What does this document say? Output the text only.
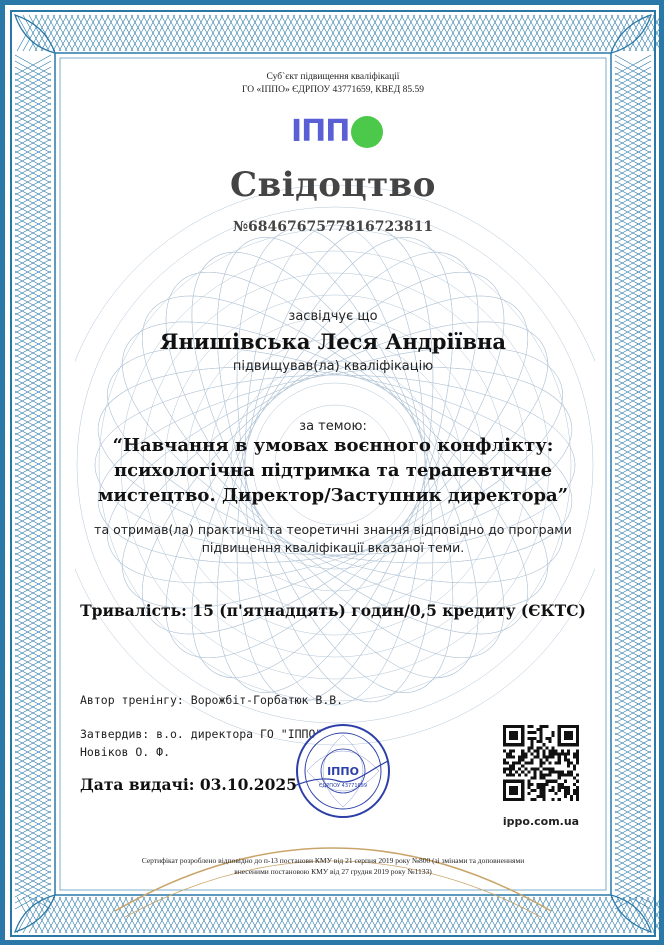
Суб`єкт підвищення кваліфікації
ГО «ІППО» ЄДРПОУ 43771659, КВЕД 85.59
ІПП
Свідоцтво
№6846767577816723811
засвідчує що
Янишівська Леся Андріївна
підвищував(ла) кваліфікацію
за темою:
“Навчання в умовах воєнного конфлікту:
психологічна підтримка та терапевтичне
мистецтво. Директор/Заступник директора”
та отримав(ла) практичні та теоретичні знання відповідно до програми
підвищення кваліфікації вказаної теми.
Тривалість: 15 (п'ятнадцять) годин/0,5 кредиту (ЄКТС)
Автор тренінгу: Ворожбіт-Горбатюк В.В.
Затвердив: в.о. директора ГО "ІППО"
Новіков О. Ф.
ІППО
ЄДРПОУ 43771659
Дата видачі: 03.10.2025
ippo.com.ua
Сертифікат розроблено відповідно до п-13 постанови КМУ від 21 серпня 2019 року №800 (зі змінами та доповненнями
внесеними постановою КМУ від 27 грудня 2019 року №1133)
